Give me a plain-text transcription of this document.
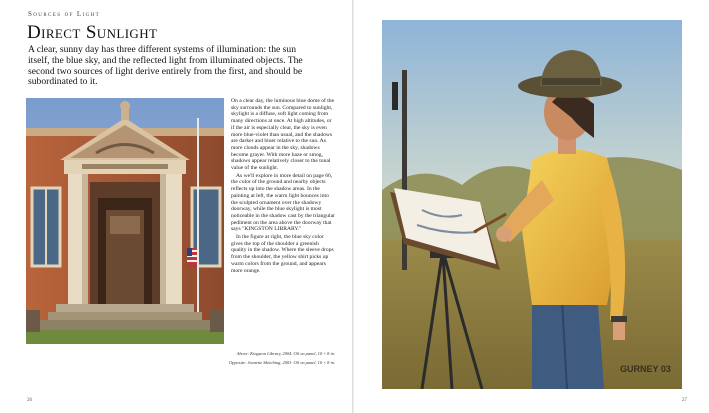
Sources of Light
Direct Sunlight

A clear, sunny day has three different systems of illumination: the sun itself, the blue sky, and the reflected light from illuminated objects. The second two sources of light derive entirely from the first, and should be subordinated to it.

On a clear day, the luminous blue dome of the sky surrounds the sun. Compared to sunlight, skylight is a diffuse, soft light coming from many directions at once. At high altitudes, or if the air is especially clear, the sky is even more blue-violet than usual, and the shadows are darker and bluer relative to the sun. As more clouds appear in the sky, shadows become grayer. With more haze or smog, shadows appear relatively closer to the tonal value of the sunlight.

As we'll explore in more detail on page 66, the color of the ground and nearby objects reflects up into the shadow areas. In the painting at left, the warm light bounces into the sculpted ornament over the shadowy doorway, while the blue skylight is most noticeable in the shadow cast by the triangular pediment on the area above the doorway that says "KINGSTON LIBRARY."

In the figure at right, the blue sky color gives the top of the shoulder a greenish quality in the shadow. Where the sleeve drops from the shoulder, the yellow shirt picks up warm colors from the ground, and appears more orange.

Above: Kingston Library, 2004. Oil on panel, 10 × 8 in.

Opposite: Jeanette Sketching, 2003. Oil on panel, 10 × 8 in.

26
GURNEY 03
27
